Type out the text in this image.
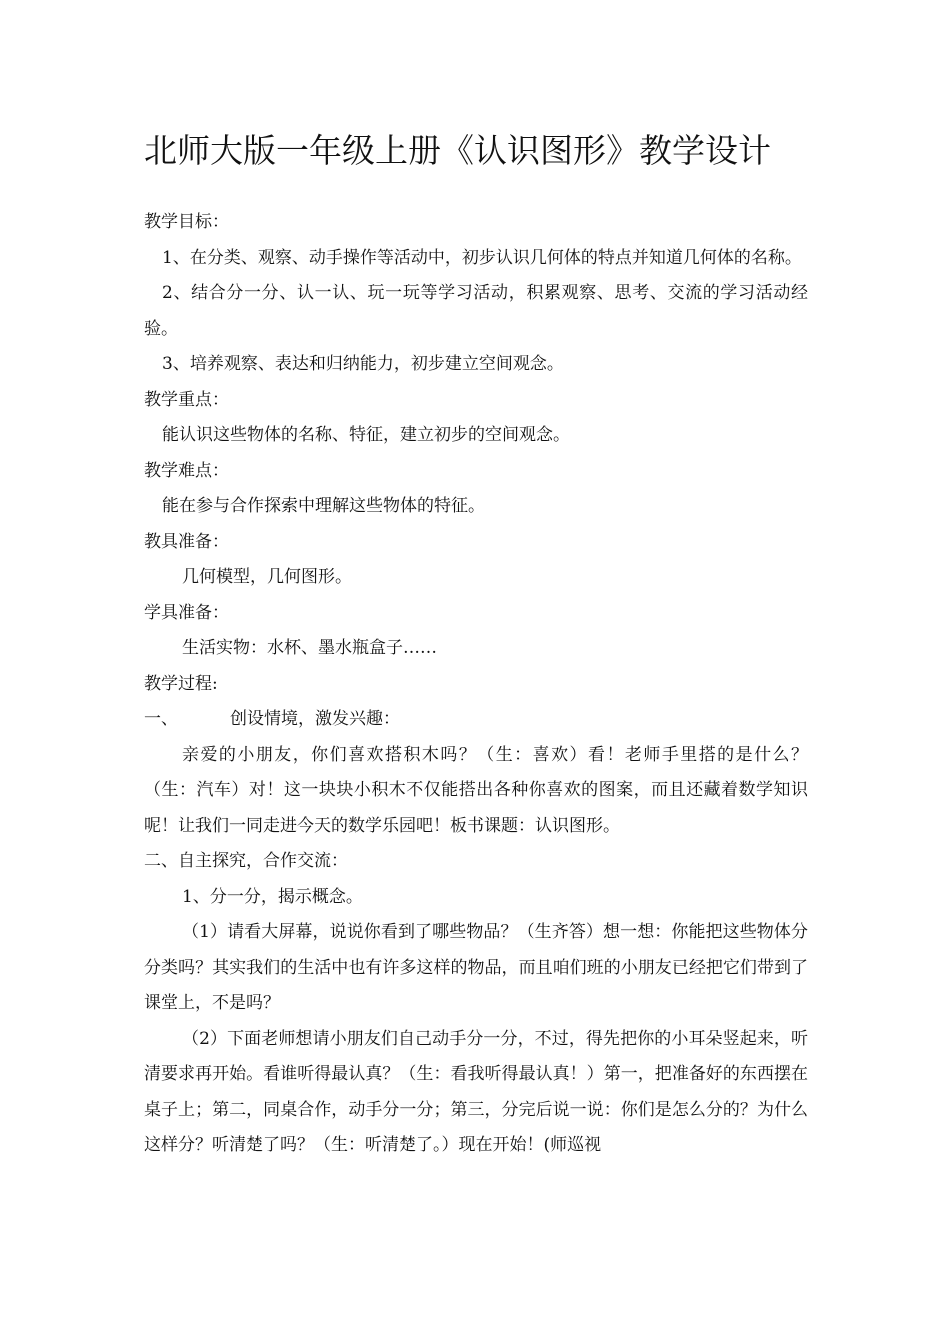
北师大版一年级上册《认识图形》教学设计

教学目标：

1、在分类、观察、动手操作等活动中，初步认识几何体的特点并知道几何体的名称。

2、结合分一分、认一认、玩一玩等学习活动，积累观察、思考、交流的学习活动经验。

3、培养观察、表达和归纳能力，初步建立空间观念。

教学重点：

能认识这些物体的名称、特征，建立初步的空间观念。

教学难点：

能在参与合作探索中理解这些物体的特征。

教具准备：

几何模型，几何图形。

学具准备：

生活实物：水杯、墨水瓶盒子……

教学过程:

一、	创设情境，激发兴趣：

亲爱的小朋友，你们喜欢搭积木吗？（生：喜欢）看！老师手里搭的是什么？（生：汽车）对！这一块块小积木不仅能搭出各种你喜欢的图案，而且还藏着数学知识呢！让我们一同走进今天的数学乐园吧！板书课题：认识图形。

二、自主探究，合作交流：

1、分一分，揭示概念。

（1）请看大屏幕，说说你看到了哪些物品？（生齐答）想一想：你能把这些物体分分类吗？其实我们的生活中也有许多这样的物品，而且咱们班的小朋友已经把它们带到了课堂上，不是吗？

（2）下面老师想请小朋友们自己动手分一分，不过，得先把你的小耳朵竖起来，听清要求再开始。看谁听得最认真？（生：看我听得最认真！）第一，把准备好的东西摆在桌子上；第二，同桌合作，动手分一分；第三，分完后说一说：你们是怎么分的？为什么这样分？听清楚了吗？（生：听清楚了。）现在开始！(师巡视
